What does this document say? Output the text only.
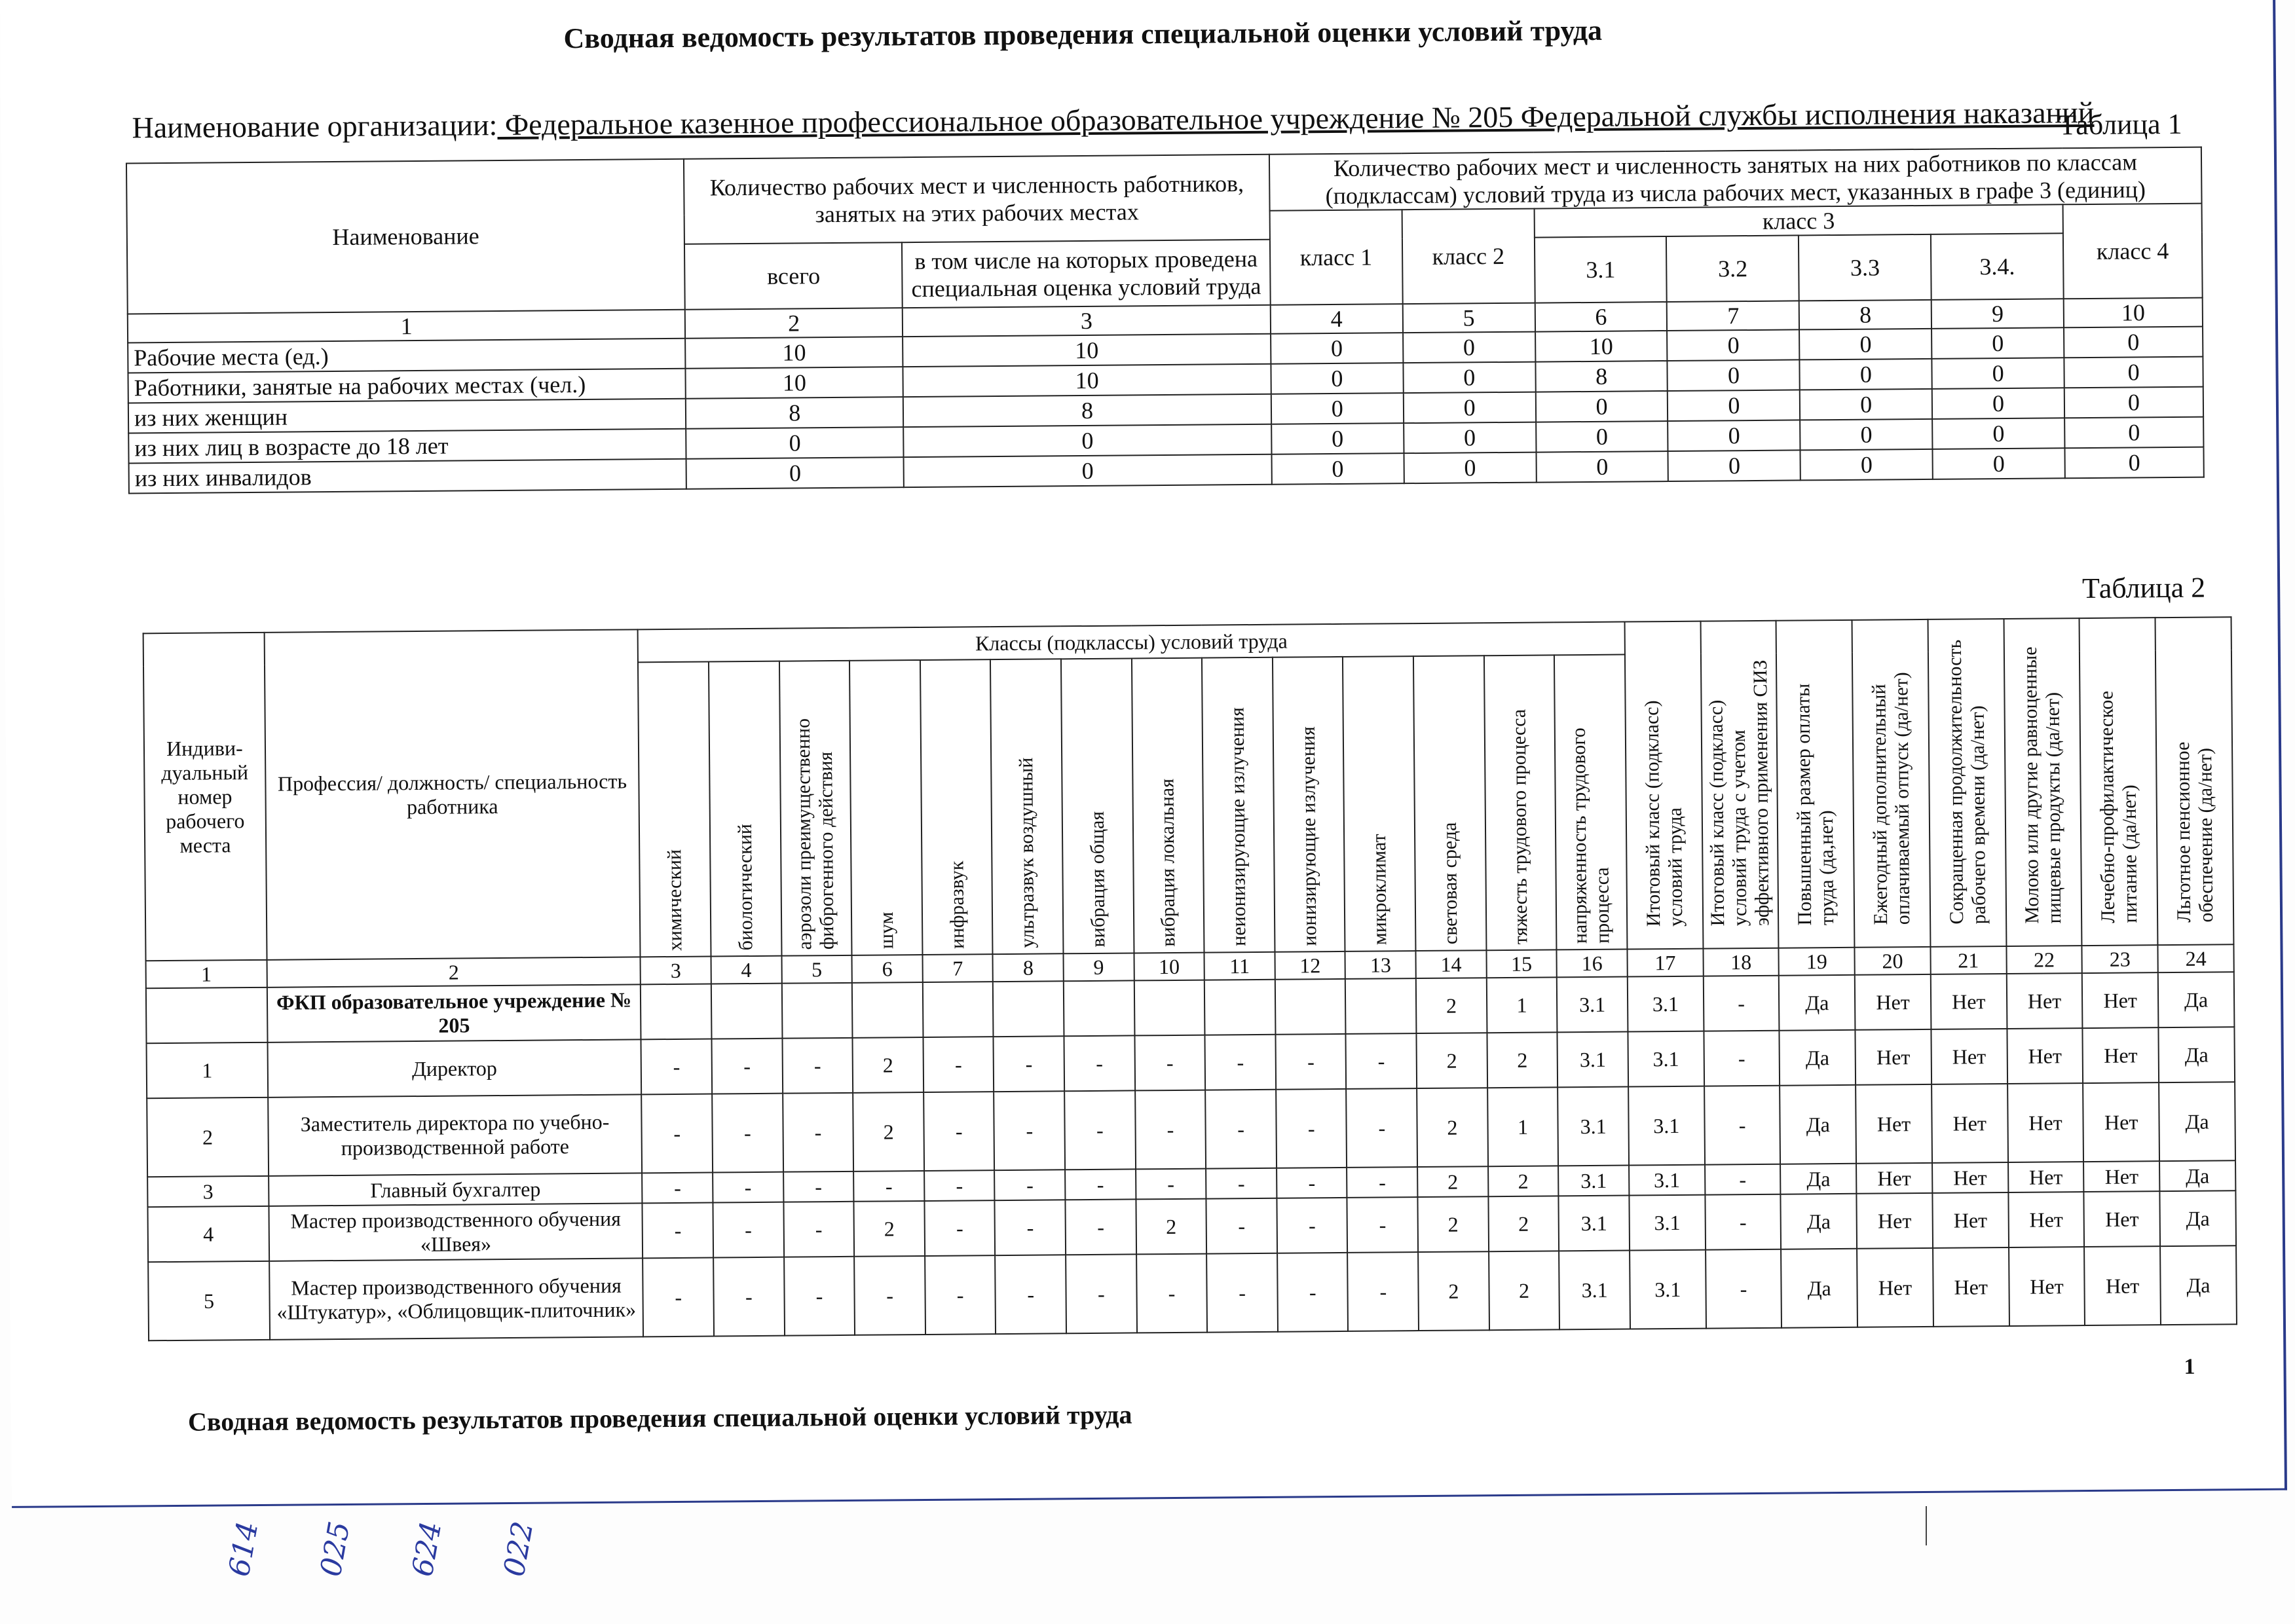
Сводная ведомость результатов проведения специальной оценки условий труда
Наименование организации: Федеральное казенное профессиональное образовательное учреждение № 205 Федеральной службы исполнения наказаний
Таблица 1
Наименование	Количество рабочих мест и численность работников, занятых на этих рабочих местах		Количество рабочих мест и численность занятых на них работников по классам (подклассам) условий труда из числа рабочих мест, указанных в графе 3 (единиц)						
			класс 1	класс 2	класс 3				класс 4
	всего	в том числе на которых проведена специальная оценка условий труда			3.1	3.2	3.3	3.4.	
1	2	3	4	5	6	7	8	9	10
Рабочие места (ед.)	10	10	0	0	10	0	0	0	0
Работники, занятые на рабочих местах (чел.)	10	10	0	0	8	0	0	0	0
из них женщин	8	8	0	0	0	0	0	0	0
из них лиц в возрасте до 18 лет	0	0	0	0	0	0	0	0	0
из них инвалидов	0	0	0	0	0	0	0	0	0
Таблица 2
Индиви-дуальный номер рабочего места	Профессия/ должность/ специальность работника	Классы (подклассы) условий труда														Итоговый класс (подкласс) условий труда	Итоговый класс (подкласс) условий труда с учетом эффективного применения СИЗ	Повышенный размер оплаты труда (да,нет)	Ежегодный дополнительный оплачиваемый отпуск (да/нет)	Сокращенная продолжительность рабочего времени (да/нет)	Молоко или другие равноценные пищевые продукты (да/нет)	Лечебно-профилактическое питание (да/нет)	Льготное пенсионное обеспечение (да/нет)
		химический	биологический	аэрозоли преимущественно фиброгенного действия	шум	инфразвук	ультразвук воздушный	вибрация общая	вибрация локальная	неионизирующие излучения	ионизирующие излучения	микроклимат	световая среда	тяжесть трудового процесса	напряженность трудового процесса								
1	2	3	4	5	6	7	8	9	10	11	12	13	14	15	16	17	18	19	20	21	22	23	24
	ФКП образовательное учреждение № 205												2	1	3.1	3.1	-	Да	Нет	Нет	Нет	Нет	Да
1	Директор	-	-	-	2	-	-	-	-	-	-	-	2	2	3.1	3.1	-	Да	Нет	Нет	Нет	Нет	Да
2	Заместитель директора по учебно-производственной работе	-	-	-	2	-	-	-	-	-	-	-	2	1	3.1	3.1	-	Да	Нет	Нет	Нет	Нет	Да
3	Главный бухгалтер	-	-	-	-	-	-	-	-	-	-	-	2	2	3.1	3.1	-	Да	Нет	Нет	Нет	Нет	Да
4	Мастер производственного обучения «Швея»	-	-	-	2	-	-	-	2	-	-	-	2	2	3.1	3.1	-	Да	Нет	Нет	Нет	Нет	Да
5	Мастер производственного обучения «Штукатур», «Облицовщик-плиточник»	-	-	-	-	-	-	-	-	-	-	-	2	2	3.1	3.1	-	Да	Нет	Нет	Нет	Нет	Да
1
Сводная ведомость результатов проведения специальной оценки условий труда
614 025 624 022
